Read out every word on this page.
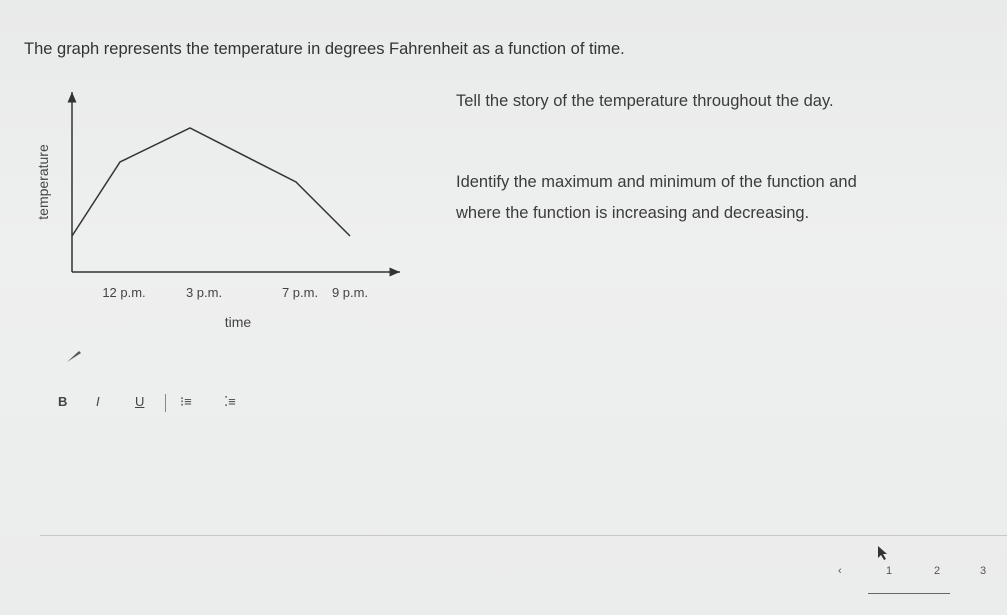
The graph represents the temperature in degrees Fahrenheit as a function of time.
temperature
12 p.m.	3 p.m.	7 p.m. 9 p.m.
time
Tell the story of the temperature throughout the day.
Identify the maximum and minimum of the function and where the function is increasing and decreasing.
B I	U	⁝≡ ⁚≡
‹	1	2	3
